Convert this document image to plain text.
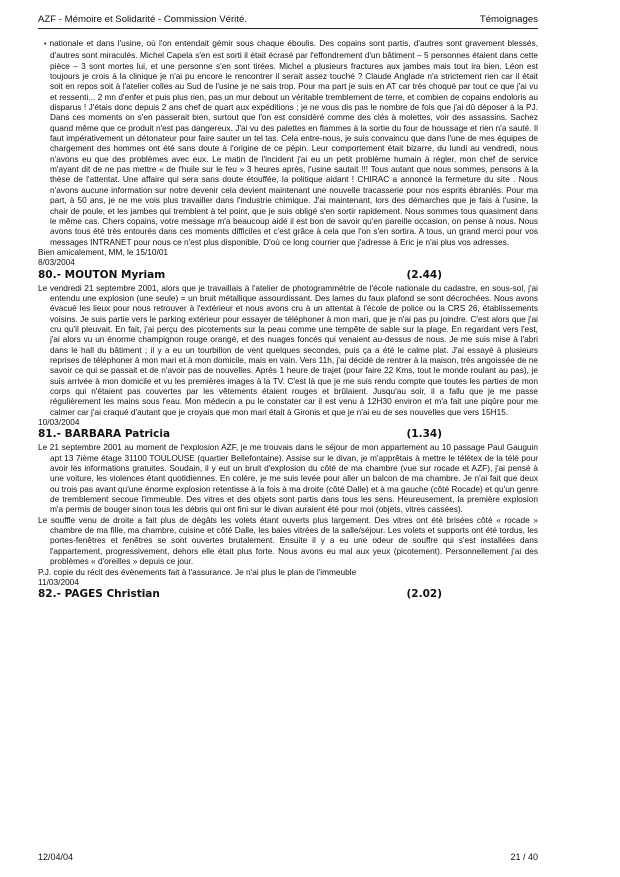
AZF - Mémoire et Solidarité - Commission Vérité.	Témoignages

• nationale et dans l'usine, où l'on entendait gémir sous chaque éboulis. Des copains sont partis, d'autres sont gravement blessés, d'autres sont miraculés. Michel Capela s'en est sorti il était écrasé par l'effondrement d'un bâtiment – 5 personnes étaient dans cette pièce – 3 sont mortes lui, et une personne s'en sont tirées. Michel a plusieurs fractures aux jambes mais tout ira bien. Léon est toujours je crois à la clinique je n'ai pu encore le rencontrer il serait assez touché ? Claude Anglade n'a strictement rien car il était soit en repos soit à l'atelier colles au Sud de l'usine je ne sais trop. Pour ma part je suis en AT car très choqué par tout ce que j'ai vu et ressenti... 2 mn d'enfer et puis plus rien, pas un mur debout un véritable tremblement de terre, et combien de copains endoloris au disparus ! J'étais donc depuis 2 ans chef de quart aux expéditions ; je ne vous dis pas le nombre de fois que j'ai dû déposer à la PJ. Dans ces moments on s'en passerait bien, surtout que l'on est considéré comme des clés à molettes, voir des assassins. Sachez quand même que ce produit n'est pas dangereux. J'ai vu des palettes en flammes à la sortie du four de houssage et rien n'a sauté. Il faut impérativement un détonateur pour faire sauter un tel tas. Cela entre-nous, je suis convaincu que dans l'une de mes équipes de chargement des hommes ont été sans doute à l'origine de ce pépin. Leur comportement était bizarre, du lundi au vendredi, nous n'avons eu que des problèmes avec eux. Le matin de l'incident j'ai eu un petit problème humain à régler, mon chef de service m'ayant dit de ne pas mettre « de l'huile sur le feu » 3 heures après, l'usine sautait !!! Tous autant que nous sommes, pensons à la thèse de l'attentat. Une affaire qui sera sans doute étouffée, la politique aidant ! CHIRAC a annoncé la fermeture du site . Nous n'avons aucune information sur notre devenir cela devient maintenant une nouvelle tracasserie pour nos esprits ébranlés. Pour ma part, à 50 ans, je ne me vois plus travailler dans l'industrie chimique. J'ai maintenant, lors des démarches que je fais à l'usine, la chair de poule, et les jambes qui tremblent à tel point, que je suis obligé s'en sortir rapidement. Nous sommes tous quasiment dans le même cas. Chers copains, votre message m'a beaucoup aidé il est bon de savoir qu'en pareille occasion, on pense à nous. Nous avons tous été très entourés dans ces moments difficiles et c'est grâce à cela que l'on s'en sortira. A tous, un grand merci pour vos messages INTRANET pour nous ce n'est plus disponible. D'où ce long courrier que j'adresse à Eric je n'ai plus vos adresses.

Bien amicalement, MM, le 15/10/01

8/03/2004

80.- MOUTON Myriam	(2.44)

Le vendredi 21 septembre 2001, alors que je travaillais à l'atelier de photogrammétrie de l'école nationale du cadastre, en sous-sol, j'ai entendu une explosion (une seule) = un bruit métallique assourdissant. Des lames du faux plafond se sont décrochées. Nous avons évacué les lieux pour nous retrouver à l'extérieur et nous avons cru à un attentat à l'école de police ou la CRS 26, établissements voisins. Je suis partie vers le parking extérieur pour essayer de téléphoner à mon mari, que je n'ai pas pu joindre. C'est alors que j'ai cru qu'il pleuvait. En fait, j'ai perçu des picotements sur la peau comme une tempête de sable sur la plage. En regardant vers l'est, j'ai alors vu un énorme champignon rouge orangé, et des nuages foncés qui venaient au-dessus de nous. Je me suis mise à l'abri dans le hall du bâtiment ; il y a eu un tourbillon de vent quelques secondes, puis ça a été le calme plat. J'ai essayé à plusieurs reprises de téléphoner à mon mari et à mon domicile, mais en vain. Vers 11h, j'ai décidé de rentrer à la maison, très angoissée de ne savoir ce qui se passait et de n'avoir pas de nouvelles. Après 1 heure de trajet (pour faire 22 Kms, tout le monde roulant au pas), je suis arrivée à mon domicile et vu les premières images à la TV. C'est là que je me suis rendu compte que toutes les parties de mon corps qui n'étaient pas couvertes par les vêtements étaient rouges et brûlaient. Jusqu'au soir, il a fallu que je me passe régulièrement les mains sous l'eau. Mon médecin a pu le constater car il est venu à 12H30 environ et m'a fait une piqûre pour me calmer car j'ai craqué d'autant que je croyais que mon mari était à Gironis et que je n'ai eu de ses nouvelles que vers 15H15.

10/03/2004

81.- BARBARA Patricia	(1.34)

Le 21 septembre 2001 au moment de l'explosion AZF, je me trouvais dans le séjour de mon appartement au 10 passage Paul Gauguin apt 13 7ième étage 31100 TOULOUSE (quartier Bellefontaine). Assise sur le divan, je m'apprêtais à mettre le télétex de la télé pour avoir les informations gratuites. Soudain, il y eut un bruit d'explosion du côté de ma chambre (vue sur rocade et AZF), j'ai pensé à une voiture, les violences étant quotidiennes. En colère, je me suis levée pour aller un balcon de ma chambre. Je n'ai fait que deux ou trois pas avant qu'une énorme explosion retentisse à la fois à ma droite (côté Dalle) et à ma gauche (côté Rocade) et qu'un genre de tremblement secoue l'immeuble. Des vitres et des objets sont partis dans tous les sens. Heureusement, la première explosion m'a permis de bouger sinon tous les débris qui ont fini sur le divan auraient été pour moi (objets, vitres cassées).

Le souffle venu de droite a fait plus de dégâts les volets étant ouverts plus largement. Des vitres ont été brisées côté « rocade » chambre de ma fille, ma chambre, cuisine et côté Dalle, les baies vitrées de la salle/séjour. Les volets et supports ont été tordus, les portes-fenêtres et fenêtres se sont ouvertes brutalement. Ensuite il y a eu une odeur de souffre qui s'est installées dans l'appartement, progressivement, dehors elle était plus forte. Nous avons eu mal aux yeux (picotement). Personnellement j'ai des problèmes « d'oreilles » depuis ce jour.

P.J. copie du récit des évènements fait à l'assurance. Je n'ai plus le plan de l'immeuble

11/03/2004

82.- PAGES Christian	(2.02)
12/04/04	21 / 40
